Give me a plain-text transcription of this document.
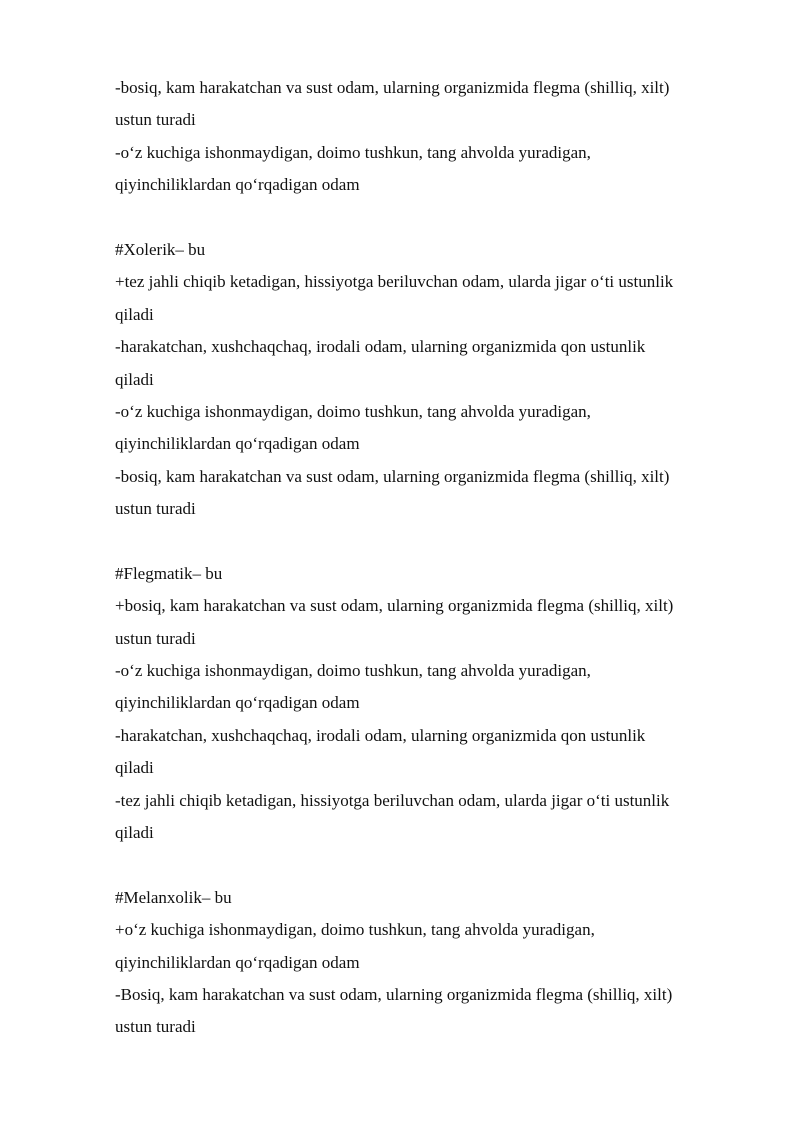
-bosiq, kam harakatchan va sust odam, ularning organizmida flegma (shilliq, xilt)
ustun turadi
-o‘z kuchiga ishonmaydigan, doimo tushkun, tang ahvolda yuradigan,
qiyinchiliklardan qo‘rqadigan odam
#Xolerik– bu
+tez jahli chiqib ketadigan, hissiyotga beriluvchan odam, ularda jigar o‘ti ustunlik
qiladi
-harakatchan, xushchaqchaq, irodali odam, ularning organizmida qon ustunlik
qiladi
-o‘z kuchiga ishonmaydigan, doimo tushkun, tang ahvolda yuradigan,
qiyinchiliklardan qo‘rqadigan odam
-bosiq, kam harakatchan va sust odam, ularning organizmida flegma (shilliq, xilt)
ustun turadi
#Flegmatik– bu
+bosiq, kam harakatchan va sust odam, ularning organizmida flegma (shilliq, xilt)
ustun turadi
-o‘z kuchiga ishonmaydigan, doimo tushkun, tang ahvolda yuradigan,
qiyinchiliklardan qo‘rqadigan odam
-harakatchan, xushchaqchaq, irodali odam, ularning organizmida qon ustunlik
qiladi
-tez jahli chiqib ketadigan, hissiyotga beriluvchan odam, ularda jigar o‘ti ustunlik
qiladi
#Melanxolik– bu
+o‘z kuchiga ishonmaydigan, doimo tushkun, tang ahvolda yuradigan,
qiyinchiliklardan qo‘rqadigan odam
-Bosiq, kam harakatchan va sust odam, ularning organizmida flegma (shilliq, xilt)
ustun turadi
